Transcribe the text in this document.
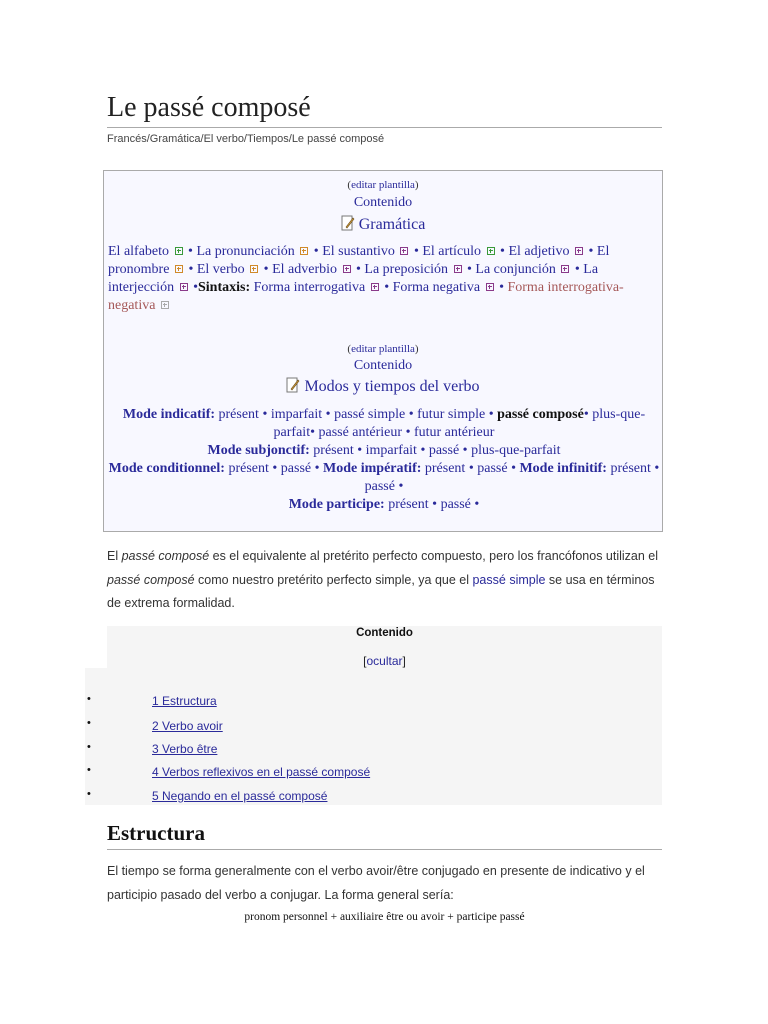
Le passé composé
Francés/Gramática/El verbo/Tiempos/Le passé composé
(editar plantilla)
Contenido
Gramática
El alfabeto  • La pronunciación  • El sustantivo  • El artículo  • El adjetivo  • El pronombre  • El verbo  • El adverbio  • La preposición  • La conjunción  • La interjección  •Sintaxis: Forma interrogativa  • Forma negativa  • Forma interrogativa-negativa
(editar plantilla)
Contenido
Modos y tiempos del verbo
Mode indicatif: présent • imparfait • passé simple • futur simple • passé composé• plus-que-parfait• passé antérieur • futur antérieur
Mode subjonctif: présent • imparfait • passé • plus-que-parfait
Mode conditionnel: présent • passé • Mode impératif: présent • passé • Mode infinitif: présent • passé •
Mode participe: présent • passé •
El passé composé es el equivalente al pretérito perfecto compuesto, pero los francófonos utilizan el passé composé como nuestro pretérito perfecto simple, ya que el passé simple se usa en términos de extrema formalidad.
Contenido
[ocultar]
•	1 Estructura
•	2 Verbo avoir
•	3 Verbo être
•	4 Verbos reflexivos en el passé composé
•	5 Negando en el passé composé
Estructura
El tiempo se forma generalmente con el verbo avoir/être conjugado en presente de indicativo y el participio pasado del verbo a conjugar. La forma general sería:
pronom personnel + auxiliaire être ou avoir + participe passé
